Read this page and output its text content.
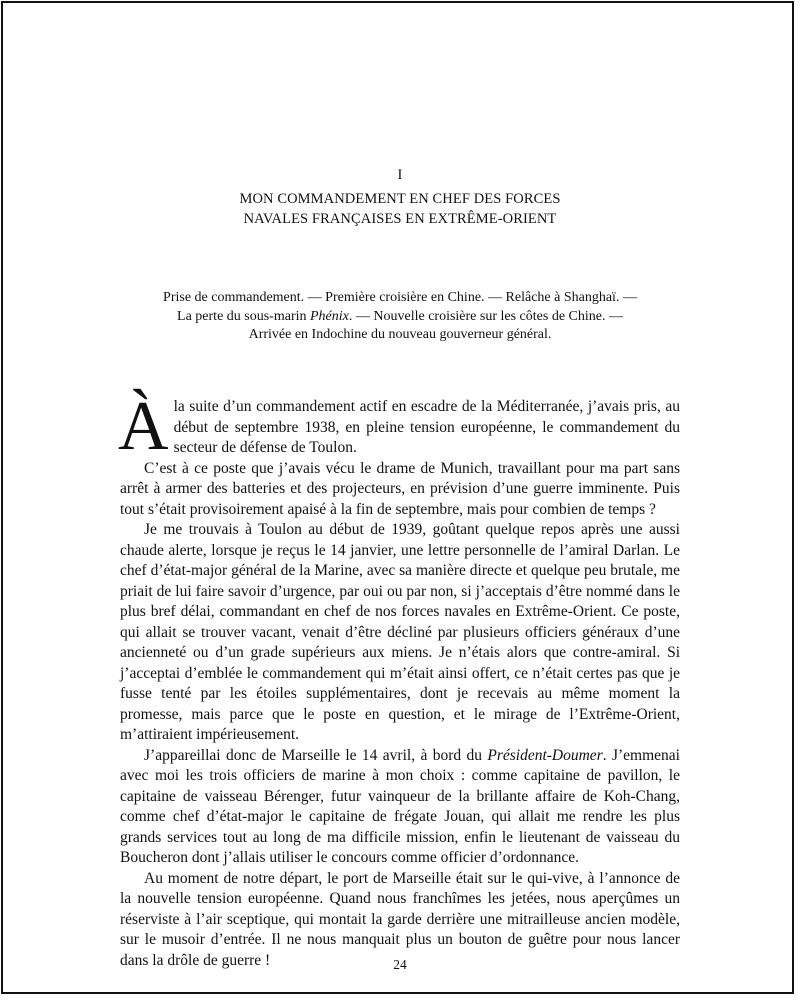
I
MON COMMANDEMENT EN CHEF DES FORCES
NAVALES FRANÇAISES EN EXTRÊME-ORIENT
Prise de commandement. — Première croisière en Chine. — Relâche à Shanghaï. —
La perte du sous-marin Phénix. — Nouvelle croisière sur les côtes de Chine. —
Arrivée en Indochine du nouveau gouverneur général.

À la suite d’un commandement actif en escadre de la Méditerranée, j’avais pris, au début de septembre 1938, en pleine tension européenne, le commandement du secteur de défense de Toulon.

C’est à ce poste que j’avais vécu le drame de Munich, travaillant pour ma part sans arrêt à armer des batteries et des projecteurs, en prévision d’une guerre imminente. Puis tout s’était provisoirement apaisé à la fin de septembre, mais pour combien de temps ?

Je me trouvais à Toulon au début de 1939, goûtant quelque repos après une aussi chaude alerte, lorsque je reçus le 14 janvier, une lettre personnelle de l’amiral Darlan. Le chef d’état-major général de la Marine, avec sa manière directe et quelque peu brutale, me priait de lui faire savoir d’urgence, par oui ou par non, si j’acceptais d’être nommé dans le plus bref délai, commandant en chef de nos forces navales en Extrême-Orient. Ce poste, qui allait se trouver vacant, venait d’être décliné par plusieurs officiers généraux d’une ancienneté ou d’un grade supérieurs aux miens. Je n’étais alors que contre-amiral. Si j’acceptai d’emblée le commandement qui m’était ainsi offert, ce n’était certes pas que je fusse tenté par les étoiles supplémentaires, dont je recevais au même moment la promesse, mais parce que le poste en question, et le mirage de l’Extrême-Orient, m’attiraient impérieusement.

J’appareillai donc de Marseille le 14 avril, à bord du Président-Doumer. J’emmenai avec moi les trois officiers de marine à mon choix : comme capitaine de pavillon, le capitaine de vaisseau Bérenger, futur vainqueur de la brillante affaire de Koh-Chang, comme chef d’état-major le capitaine de frégate Jouan, qui allait me rendre les plus grands services tout au long de ma difficile mission, enfin le lieutenant de vaisseau du Boucheron dont j’allais utiliser le concours comme officier d’ordonnance.

Au moment de notre départ, le port de Marseille était sur le qui-vive, à l’annonce de la nouvelle tension européenne. Quand nous franchîmes les jetées, nous aperçûmes un réserviste à l’air sceptique, qui montait la garde derrière une mitrailleuse ancien modèle, sur le musoir d’entrée. Il ne nous manquait plus un bouton de guêtre pour nous lancer dans la drôle de guerre !	24
